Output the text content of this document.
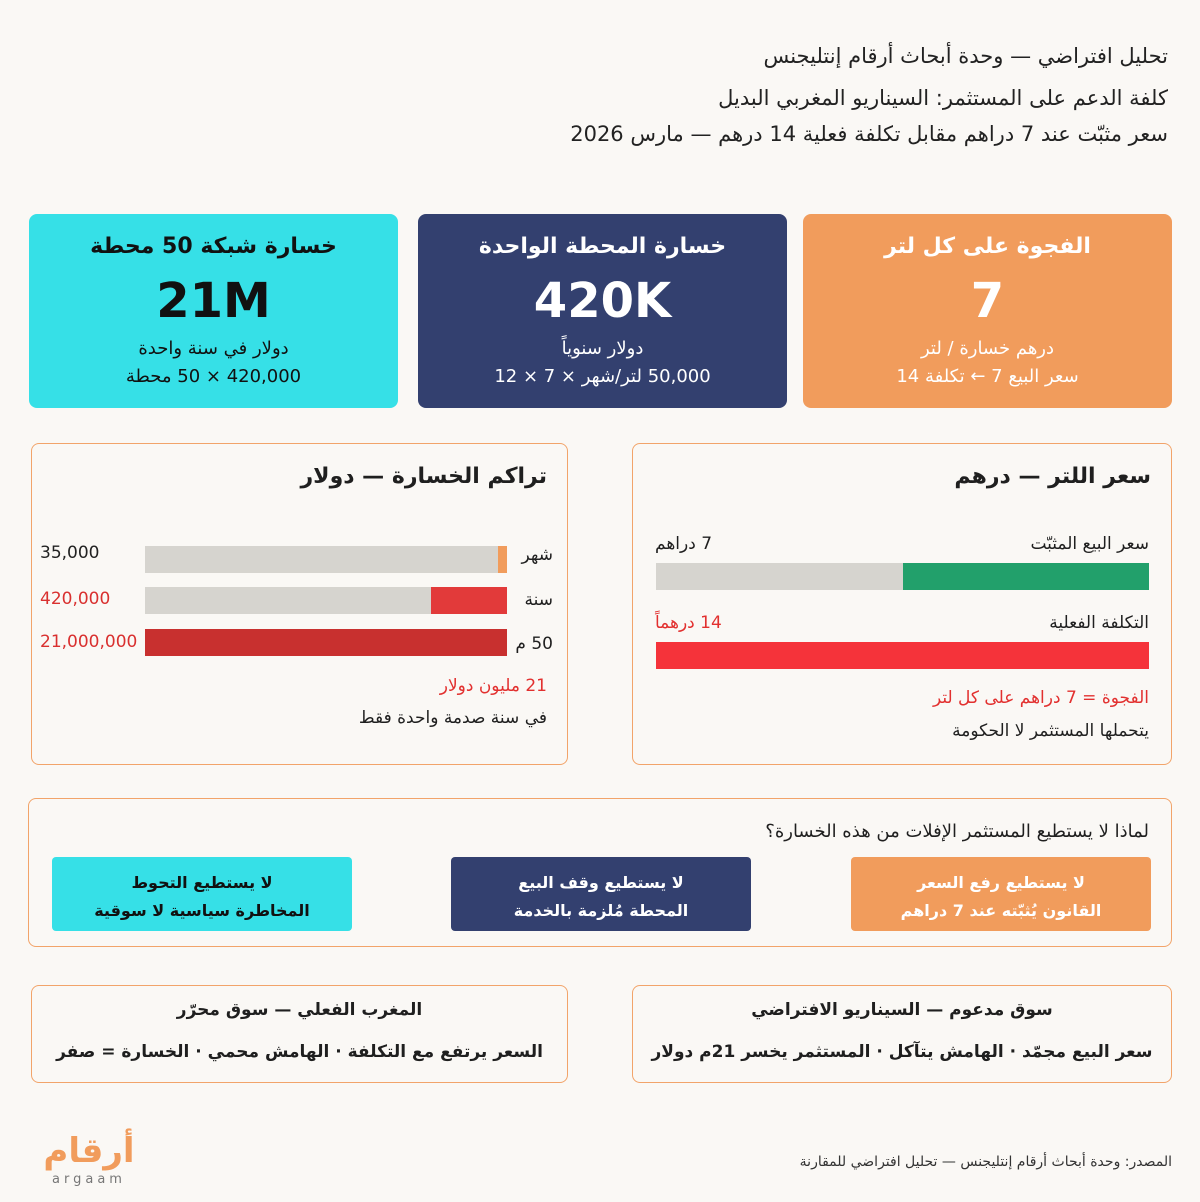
تحليل افتراضي — وحدة أبحاث أرقام إنتليجنس
كلفة الدعم على المستثمر: السيناريو المغربي البديل
سعر مثبّت عند 7 دراهم مقابل تكلفة فعلية 14 درهم — مارس 2026
الفجوة على كل لتر
7
درهم خسارة / لتر
سعر البيع 7 ← تكلفة 14
خسارة المحطة الواحدة
420K
دولار سنوياً
50,000 لتر/شهر × 7 × 12
خسارة شبكة 50 محطة
21M
دولار في سنة واحدة
420,000 × 50 محطة
سعر اللتر — درهم
سعر البيع المثبّت
7 دراهم
التكلفة الفعلية
14 درهماً
الفجوة = 7 دراهم على كل لتر
يتحملها المستثمر لا الحكومة
تراكم الخسارة — دولار
شهر
35,000
سنة
420,000
50 م
21,000,000
21 مليون دولار
في سنة صدمة واحدة فقط
لماذا لا يستطيع المستثمر الإفلات من هذه الخسارة؟
لا يستطيع رفع السعر
القانون يُثبّته عند 7 دراهم
لا يستطيع وقف البيع
المحطة مُلزمة بالخدمة
لا يستطيع التحوط
المخاطرة سياسية لا سوقية
سوق مدعوم — السيناريو الافتراضي
سعر البيع مجمّد · الهامش يتآكل · المستثمر يخسر 21م دولار
المغرب الفعلي — سوق محرّر
السعر يرتفع مع التكلفة · الهامش محمي · الخسارة = صفر
المصدر: وحدة أبحاث أرقام إنتليجنس — تحليل افتراضي للمقارنة
أرقام
argaam
